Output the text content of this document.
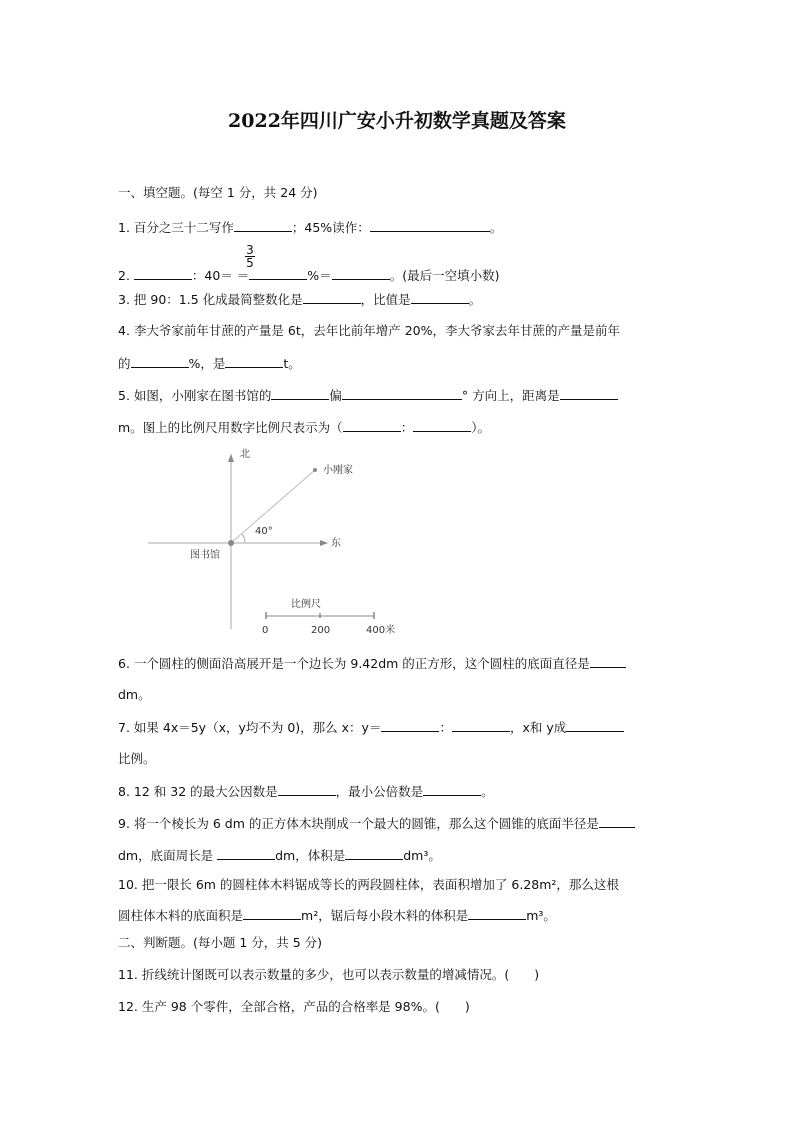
2022年四川广安小升初数学真题及答案
一、填空题。(每空 1 分，共 24 分)
1. 百分之三十二写作	；45%读作：	。
2.	：40＝ ＝	%＝	。(最后一空填小数)
3. 把 90：1.5 化成最简整数化是	，比值是	。
4. 李大爷家前年甘蔗的产量是 6t，去年比前年增产 20%，李大爷家去年甘蔗的产量是前年
的	%，是	t。
5. 如图，小刚家在图书馆的	偏	° 方向上，距离是
m。图上的比例尺用数字比例尺表示为（	：	）。
6. 一个圆柱的侧面沿高展开是一个边长为 9.42dm 的正方形，这个圆柱的底面直径是
dm。
7. 如果 4x＝5y（x，y均不为 0)，那么 x：y＝	：	，x和 y成
比例。
8. 12 和 32 的最大公因数是	，最小公倍数是	。
9. 将一个棱长为 6 dm 的正方体木块削成一个最大的圆锥，那么这个圆锥的底面半径是
dm，底面周长是	dm，体积是	dm³。
10. 把一限长 6m 的圆柱体木料锯成等长的两段圆柱体，表面积增加了 6.28m²，那么这根
圆柱体木料的底面积是	m²，锯后每小段木料的体积是	m³。
二、判断题。(每小题 1 分，共 5 分)
11. 折线统计图既可以表示数量的多少，也可以表示数量的增减情况。(　　)
12. 生产 98 个零件，全部合格，产品的合格率是 98%。(　　)
3
5
北
东
图书馆
小刚家
40°
比例尺
0	200	400米
